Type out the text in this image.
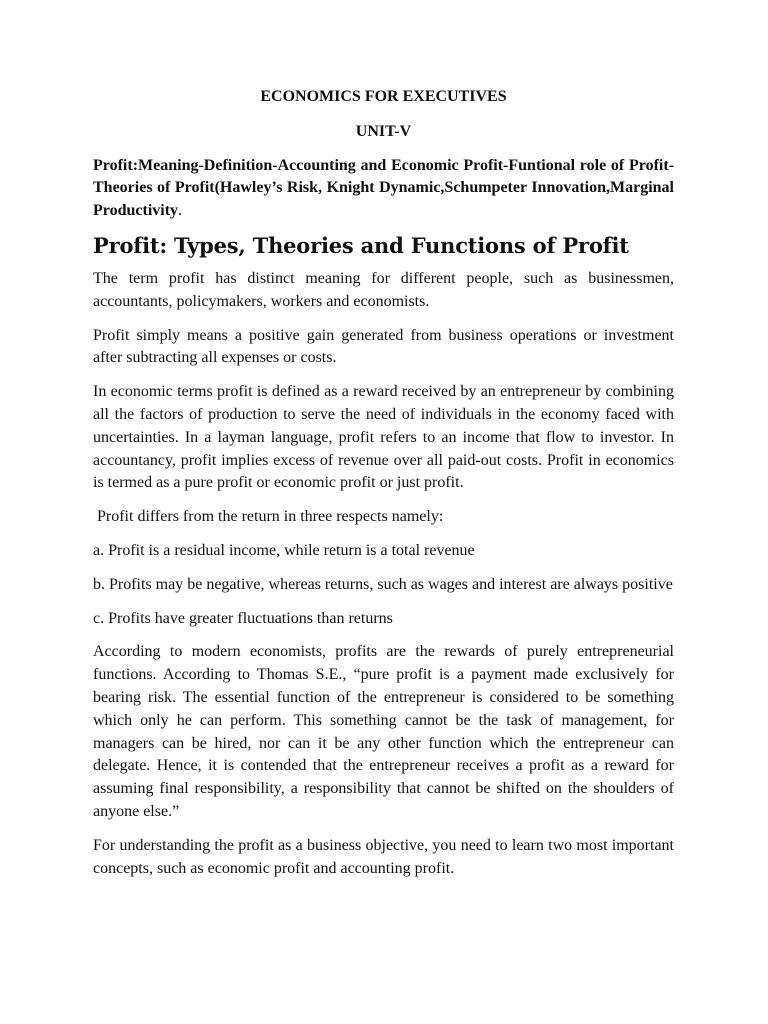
ECONOMICS FOR EXECUTIVES
UNIT-V

Profit:Meaning-Definition-Accounting and Economic Profit-Funtional role of Profit-Theories of Profit(Hawley’s Risk, Knight Dynamic,Schumpeter Innovation,Marginal Productivity.

Profit: Types, Theories and Functions of Profit

The term profit has distinct meaning for different people, such as businessmen, accountants, policymakers, workers and economists.

Profit simply means a positive gain generated from business operations or investment after subtracting all expenses or costs.

In economic terms profit is defined as a reward received by an entrepreneur by combining all the factors of production to serve the need of individuals in the economy faced with uncertainties. In a layman language, profit refers to an income that flow to investor. In accountancy, profit implies excess of revenue over all paid-out costs. Profit in economics is termed as a pure profit or economic profit or just profit.

Profit differs from the return in three respects namely:

a. Profit is a residual income, while return is a total revenue

b. Profits may be negative, whereas returns, such as wages and interest are always positive

c. Profits have greater fluctuations than returns

According to modern economists, profits are the rewards of purely entrepreneurial functions. According to Thomas S.E., “pure profit is a payment made exclusively for bearing risk. The essential function of the entrepreneur is considered to be something which only he can perform. This something cannot be the task of management, for managers can be hired, nor can it be any other function which the entrepreneur can delegate. Hence, it is contended that the entrepreneur receives a profit as a reward for assuming final responsibility, a responsibility that cannot be shifted on the shoulders of anyone else.”

For understanding the profit as a business objective, you need to learn two most important concepts, such as economic profit and accounting profit.
